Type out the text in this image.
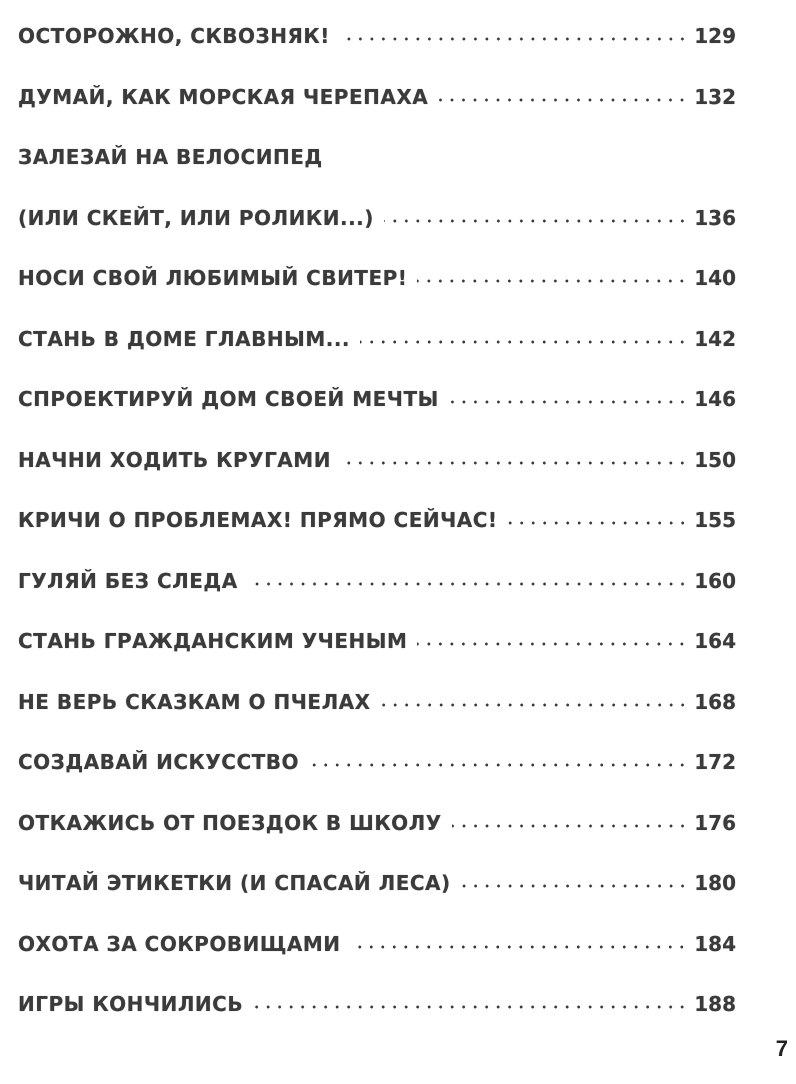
ОСТОРОЖНО, СКВОЗНЯК!	129
ДУМАЙ, КАК МОРСКАЯ ЧЕРЕПАХА	132
ЗАЛЕЗАЙ НА ВЕЛОСИПЕД
(ИЛИ СКЕЙТ, ИЛИ РОЛИКИ...)	136
НОСИ СВОЙ ЛЮБИМЫЙ СВИТЕР!	140
СТАНЬ В ДОМЕ ГЛАВНЫМ...	142
СПРОЕКТИРУЙ ДОМ СВОЕЙ МЕЧТЫ	146
НАЧНИ ХОДИТЬ КРУГАМИ	150
КРИЧИ О ПРОБЛЕМАХ! ПРЯМО СЕЙЧАС!	155
ГУЛЯЙ БЕЗ СЛЕДА	160
СТАНЬ ГРАЖДАНСКИМ УЧЕНЫМ	164
НЕ ВЕРЬ СКАЗКАМ О ПЧЕЛАХ	168
СОЗДАВАЙ ИСКУССТВО	172
ОТКАЖИСЬ ОТ ПОЕЗДОК В ШКОЛУ	176
ЧИТАЙ ЭТИКЕТКИ (И СПАСАЙ ЛЕСА)	180
ОХОТА ЗА СОКРОВИЩАМИ	184
ИГРЫ КОНЧИЛИСЬ	188
7
